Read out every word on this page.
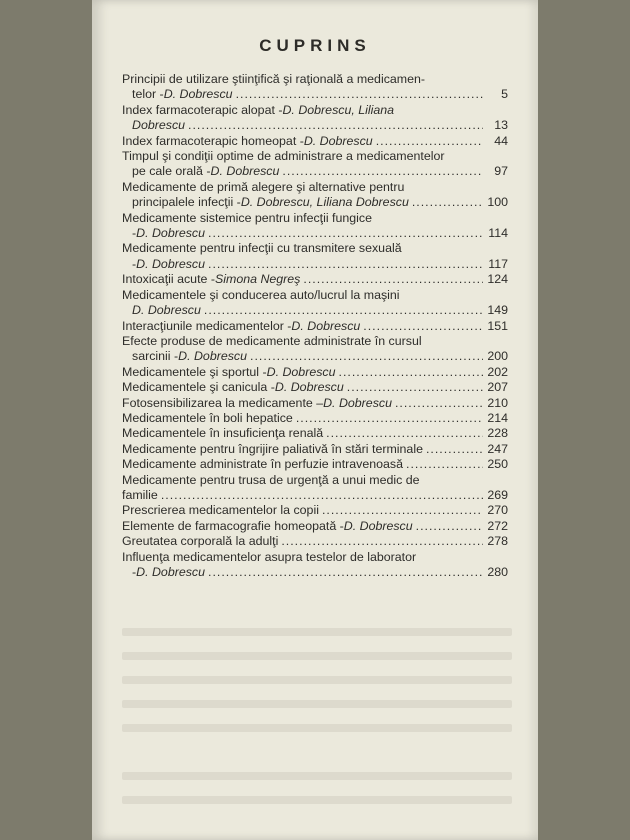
CUPRINS
Principii de utilizare ştiinţifică şi raţională a medicamen-
telor - D. Dobrescu .....	5
Index farmacoterapic alopat - D. Dobrescu, Liliana
Dobrescu .....	13
Index farmacoterapic homeopat - D. Dobrescu .....	44
Timpul şi condiţii optime de administrare a medicamentelor
pe cale orală - D. Dobrescu .....	97
Medicamente de primă alegere şi alternative pentru
principalele infecţii - D. Dobrescu, Liliana Dobrescu .....	100
Medicamente sistemice pentru infecţii fungice
- D. Dobrescu .....	114
Medicamente pentru infecţii cu transmitere sexuală
- D. Dobrescu .....	117
Intoxicaţii acute - Simona Negreş .....	124
Medicamentele şi conducerea auto/lucrul la maşini
D. Dobrescu .....	149
Interacţiunile medicamentelor - D. Dobrescu .....	151
Efecte produse de medicamente administrate în cursul
sarcinii - D. Dobrescu .....	200
Medicamentele şi sportul - D. Dobrescu .....	202
Medicamentele şi canicula - D. Dobrescu .....	207
Fotosensibilizarea la medicamente – D. Dobrescu .....	210
Medicamentele în boli hepatice .....	214
Medicamentele în insuficienţa renală .....	228
Medicamente pentru îngrijire paliativă în stări terminale .....	247
Medicamente administrate în perfuzie intravenoasă .....	250
Medicamente pentru trusa de urgenţă a unui medic de
familie .....	269
Prescrierea medicamentelor la copii .....	270
Elemente de farmacografie homeopată - D. Dobrescu .....	272
Greutatea corporală la adulţi .....	278
Influenţa medicamentelor asupra testelor de laborator
- D. Dobrescu .....	280
